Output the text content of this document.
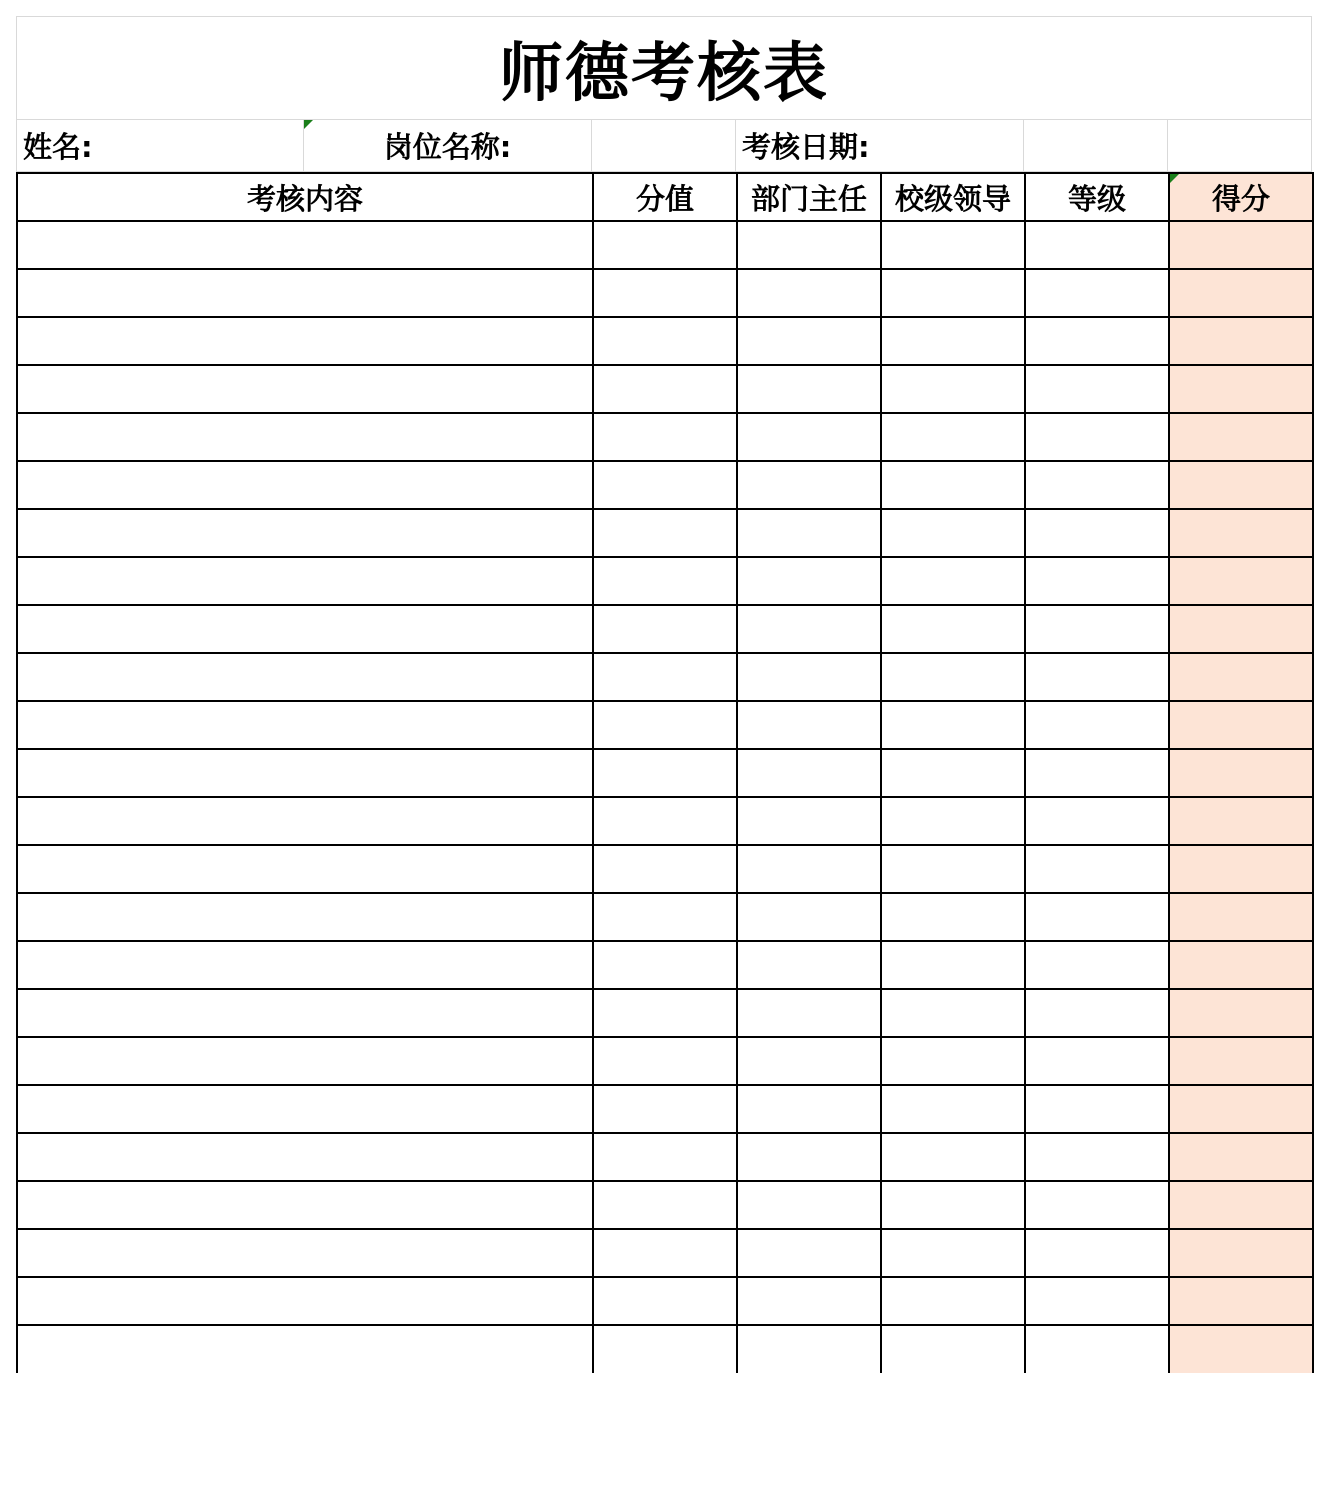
师德考核表
姓名:	岗位名称:	考核日期:
考核内容	分值	部门主任	校级领导	等级	得分
